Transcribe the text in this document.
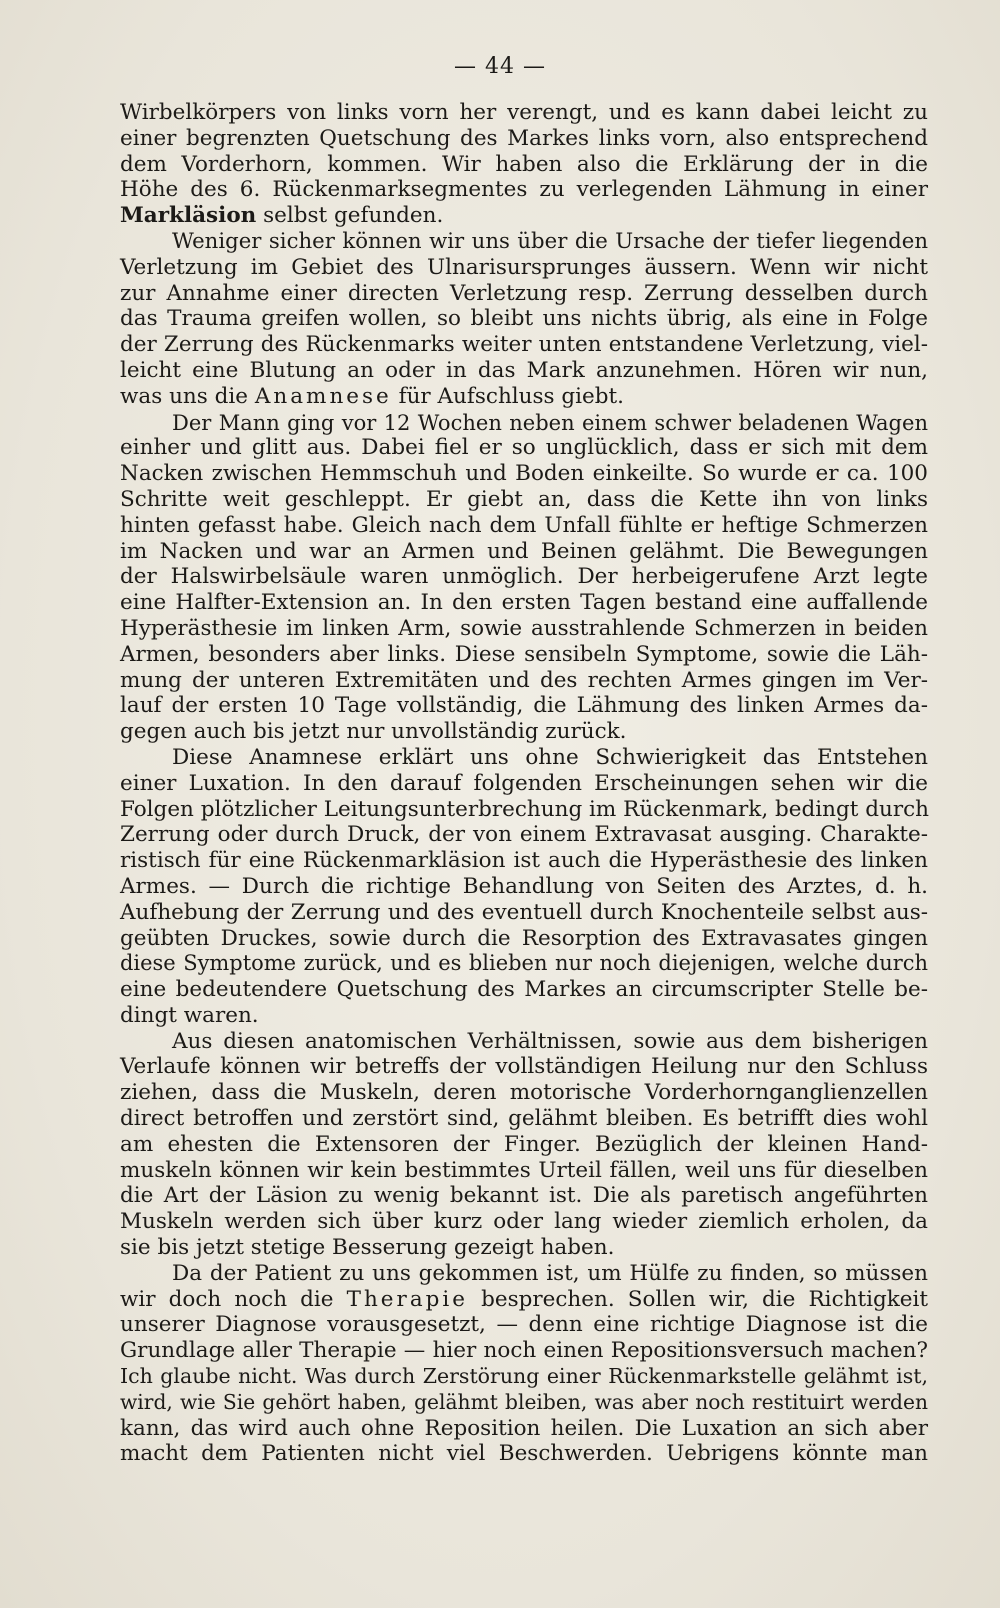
— 44 —
Wirbelkörpers von links vorn her verengt, und es kann dabei leicht zu
einer begrenzten Quetschung des Markes links vorn, also entsprechend
dem Vorderhorn, kommen. Wir haben also die Erklärung der in die
Höhe des 6. Rückenmarksegmentes zu verlegenden Lähmung in einer
Markläsion selbst gefunden.
Weniger sicher können wir uns über die Ursache der tiefer liegenden
Verletzung im Gebiet des Ulnarisursprunges äussern. Wenn wir nicht
zur Annahme einer directen Verletzung resp. Zerrung desselben durch
das Trauma greifen wollen, so bleibt uns nichts übrig, als eine in Folge
der Zerrung des Rückenmarks weiter unten entstandene Verletzung, viel-
leicht eine Blutung an oder in das Mark anzunehmen. Hören wir nun,
was uns die Anamnese für Aufschluss giebt.
Der Mann ging vor 12 Wochen neben einem schwer beladenen Wagen
einher und glitt aus. Dabei fiel er so unglücklich, dass er sich mit dem
Nacken zwischen Hemmschuh und Boden einkeilte. So wurde er ca. 100
Schritte weit geschleppt. Er giebt an, dass die Kette ihn von links
hinten gefasst habe. Gleich nach dem Unfall fühlte er heftige Schmerzen
im Nacken und war an Armen und Beinen gelähmt. Die Bewegungen
der Halswirbelsäule waren unmöglich. Der herbeigerufene Arzt legte
eine Halfter-Extension an. In den ersten Tagen bestand eine auffallende
Hyperästhesie im linken Arm, sowie ausstrahlende Schmerzen in beiden
Armen, besonders aber links. Diese sensibeln Symptome, sowie die Läh-
mung der unteren Extremitäten und des rechten Armes gingen im Ver-
lauf der ersten 10 Tage vollständig, die Lähmung des linken Armes da-
gegen auch bis jetzt nur unvollständig zurück.
Diese Anamnese erklärt uns ohne Schwierigkeit das Entstehen
einer Luxation. In den darauf folgenden Erscheinungen sehen wir die
Folgen plötzlicher Leitungsunterbrechung im Rückenmark, bedingt durch
Zerrung oder durch Druck, der von einem Extravasat ausging. Charakte-
ristisch für eine Rückenmarkläsion ist auch die Hyperästhesie des linken
Armes. — Durch die richtige Behandlung von Seiten des Arztes, d. h.
Aufhebung der Zerrung und des eventuell durch Knochenteile selbst aus-
geübten Druckes, sowie durch die Resorption des Extravasates gingen
diese Symptome zurück, und es blieben nur noch diejenigen, welche durch
eine bedeutendere Quetschung des Markes an circumscripter Stelle be-
dingt waren.
Aus diesen anatomischen Verhältnissen, sowie aus dem bisherigen
Verlaufe können wir betreffs der vollständigen Heilung nur den Schluss
ziehen, dass die Muskeln, deren motorische Vorderhornganglienzellen
direct betroffen und zerstört sind, gelähmt bleiben. Es betrifft dies wohl
am ehesten die Extensoren der Finger. Bezüglich der kleinen Hand-
muskeln können wir kein bestimmtes Urteil fällen, weil uns für dieselben
die Art der Läsion zu wenig bekannt ist. Die als paretisch angeführten
Muskeln werden sich über kurz oder lang wieder ziemlich erholen, da
sie bis jetzt stetige Besserung gezeigt haben.
Da der Patient zu uns gekommen ist, um Hülfe zu finden, so müssen
wir doch noch die Therapie besprechen. Sollen wir, die Richtigkeit
unserer Diagnose vorausgesetzt, — denn eine richtige Diagnose ist die
Grundlage aller Therapie — hier noch einen Repositionsversuch machen?
Ich glaube nicht. Was durch Zerstörung einer Rückenmarkstelle gelähmt ist,
wird, wie Sie gehört haben, gelähmt bleiben, was aber noch restituirt werden
kann, das wird auch ohne Reposition heilen. Die Luxation an sich aber
macht dem Patienten nicht viel Beschwerden. Uebrigens könnte man
